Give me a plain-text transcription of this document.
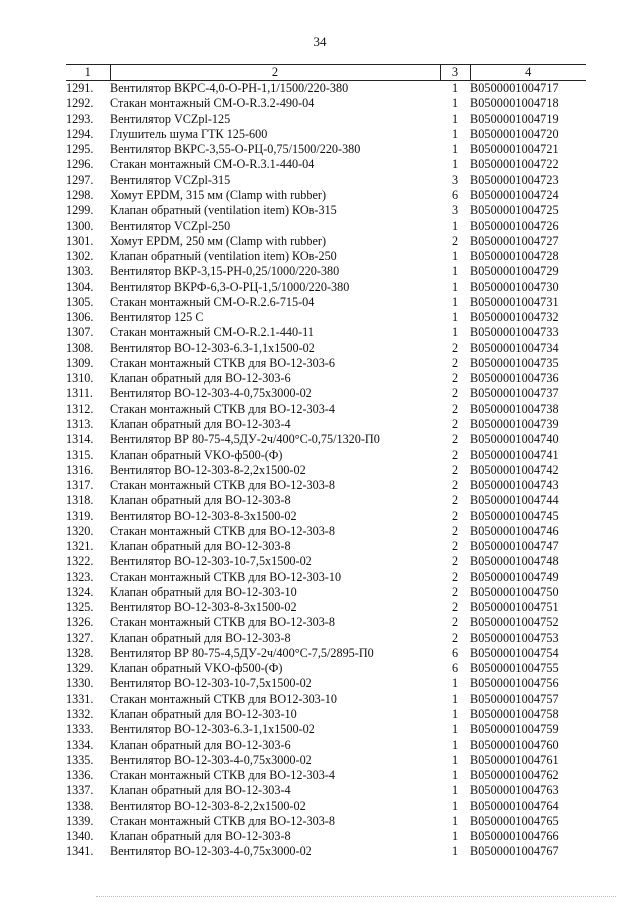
34
1	2	3	4
1291.	Вентилятор ВКРС-4,0-О-РН-1,1/1500/220-380	1	B0500001004717
1292.	Стакан монтажный CM-O-R.3.2-490-04	1	B0500001004718
1293.	Вентилятор VCZpl-125	1	B0500001004719
1294.	Глушитель шума ГТК 125-600	1	B0500001004720
1295.	Вентилятор ВКРС-3,55-О-РЦ-0,75/1500/220-380	1	B0500001004721
1296.	Стакан монтажный CM-O-R.3.1-440-04	1	B0500001004722
1297.	Вентилятор VCZpl-315	3	B0500001004723
1298.	Хомут EPDM, 315 мм (Clamp with rubber)	6	B0500001004724
1299.	Клапан обратный (ventilation item) КОв-315	3	B0500001004725
1300.	Вентилятор VCZpl-250	1	B0500001004726
1301.	Хомут EPDM, 250 мм (Clamp with rubber)	2	B0500001004727
1302.	Клапан обратный (ventilation item) КОв-250	1	B0500001004728
1303.	Вентилятор ВКР-3,15-РН-0,25/1000/220-380	1	B0500001004729
1304.	Вентилятор ВКРФ-6,3-О-РЦ-1,5/1000/220-380	1	B0500001004730
1305.	Стакан монтажный CM-O-R.2.6-715-04	1	B0500001004731
1306.	Вентилятор 125 С	1	B0500001004732
1307.	Стакан монтажный CM-O-R.2.1-440-11	1	B0500001004733
1308.	Вентилятор ВО-12-303-6.3-1,1х1500-02	2	B0500001004734
1309.	Стакан монтажный СТКВ для ВО-12-303-6	2	B0500001004735
1310.	Клапан обратный для ВО-12-303-6	2	B0500001004736
1311.	Вентилятор ВО-12-303-4-0,75х3000-02	2	B0500001004737
1312.	Стакан монтажный СТКВ для ВО-12-303-4	2	B0500001004738
1313.	Клапан обратный для ВО-12-303-4	2	B0500001004739
1314.	Вентилятор ВР 80-75-4,5ДУ-2ч/400°С-0,75/1320-П0	2	B0500001004740
1315.	Клапан обратный VKO-ф500-(Ф)	2	B0500001004741
1316.	Вентилятор ВО-12-303-8-2,2х1500-02	2	B0500001004742
1317.	Стакан монтажный СТКВ для ВО-12-303-8	2	B0500001004743
1318.	Клапан обратный для ВО-12-303-8	2	B0500001004744
1319.	Вентилятор ВО-12-303-8-3х1500-02	2	B0500001004745
1320.	Стакан монтажный СТКВ для ВО-12-303-8	2	B0500001004746
1321.	Клапан обратный для ВО-12-303-8	2	B0500001004747
1322.	Вентилятор ВО-12-303-10-7,5х1500-02	2	B0500001004748
1323.	Стакан монтажный СТКВ для ВО-12-303-10	2	B0500001004749
1324.	Клапан обратный для ВО-12-303-10	2	B0500001004750
1325.	Вентилятор ВО-12-303-8-3х1500-02	2	B0500001004751
1326.	Стакан монтажный СТКВ для ВО-12-303-8	2	B0500001004752
1327.	Клапан обратный для ВО-12-303-8	2	B0500001004753
1328.	Вентилятор ВР 80-75-4,5ДУ-2ч/400°С-7,5/2895-П0	6	B0500001004754
1329.	Клапан обратный VKO-ф500-(Ф)	6	B0500001004755
1330.	Вентилятор ВО-12-303-10-7,5х1500-02	1	B0500001004756
1331.	Стакан монтажный СТКВ для ВО12-303-10	1	B0500001004757
1332.	Клапан обратный для ВО-12-303-10	1	B0500001004758
1333.	Вентилятор ВО-12-303-6.3-1,1х1500-02	1	B0500001004759
1334.	Клапан обратный для ВО-12-303-6	1	B0500001004760
1335.	Вентилятор ВО-12-303-4-0,75х3000-02	1	B0500001004761
1336.	Стакан монтажный СТКВ для ВО-12-303-4	1	B0500001004762
1337.	Клапан обратный для ВО-12-303-4	1	B0500001004763
1338.	Вентилятор ВО-12-303-8-2,2х1500-02	1	B0500001004764
1339.	Стакан монтажный СТКВ для ВО-12-303-8	1	B0500001004765
1340.	Клапан обратный для ВО-12-303-8	1	B0500001004766
1341.	Вентилятор ВО-12-303-4-0,75х3000-02	1	B0500001004767
